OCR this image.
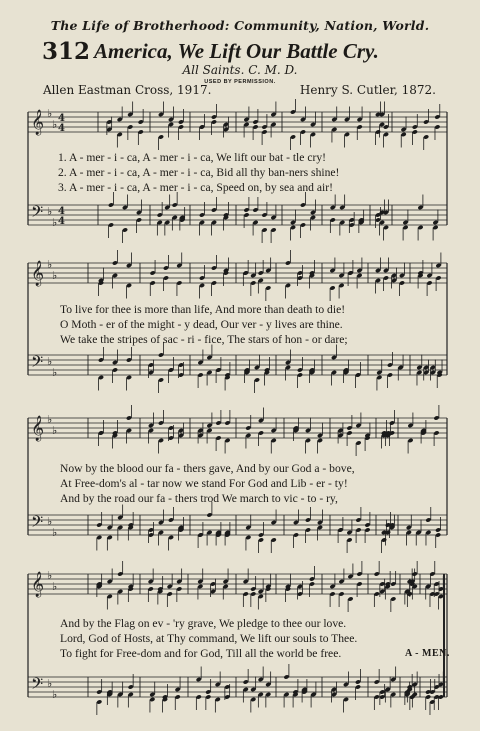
The Life of Brotherhood: Community, Nation, World.
312 America, We Lift Our Battle Cry.
All Saints. C. M. D.
USED BY PERMISSION.
Allen Eastman Cross, 1917.	Henry S. Cutler, 1872.
𝄞 ♭
♭ 4
4
𝄢 ♭
♭
4
4
𝄞 ♭
♭
𝄢 ♭
♭
𝄞 ♭
♭
𝄢 ♭
♭
𝄞 ♭
♭
𝄢 ♭
♭
1. A - mer - i - ca, A - mer - i - ca, We lift our bat - tle cry!
2. A - mer - i - ca, A - mer - i - ca, Bid all thy ban-ners shine!
3. A - mer - i - ca, A - mer - i - ca, Speed on, by sea and air!
To live for thee is more than life, And more than death to die!
O Moth - er of the might - y dead, Our ver - y lives are thine.
We take the stripes of sac - ri - fice, The stars of hon - or dare;
Now by the blood our fa - thers gave, And by our God a - bove,
At Free-dom's al - tar now we stand For God and Lib - er - ty!
And by the road our fa - thers trod We march to vic - to - ry,
And by the Flag on ev - 'ry grave, We pledge to thee our love.
Lord, God of Hosts, at Thy command, We lift our souls to Thee.
To fight for Free-dom and for God, Till all the world be free.	A - MEN.
